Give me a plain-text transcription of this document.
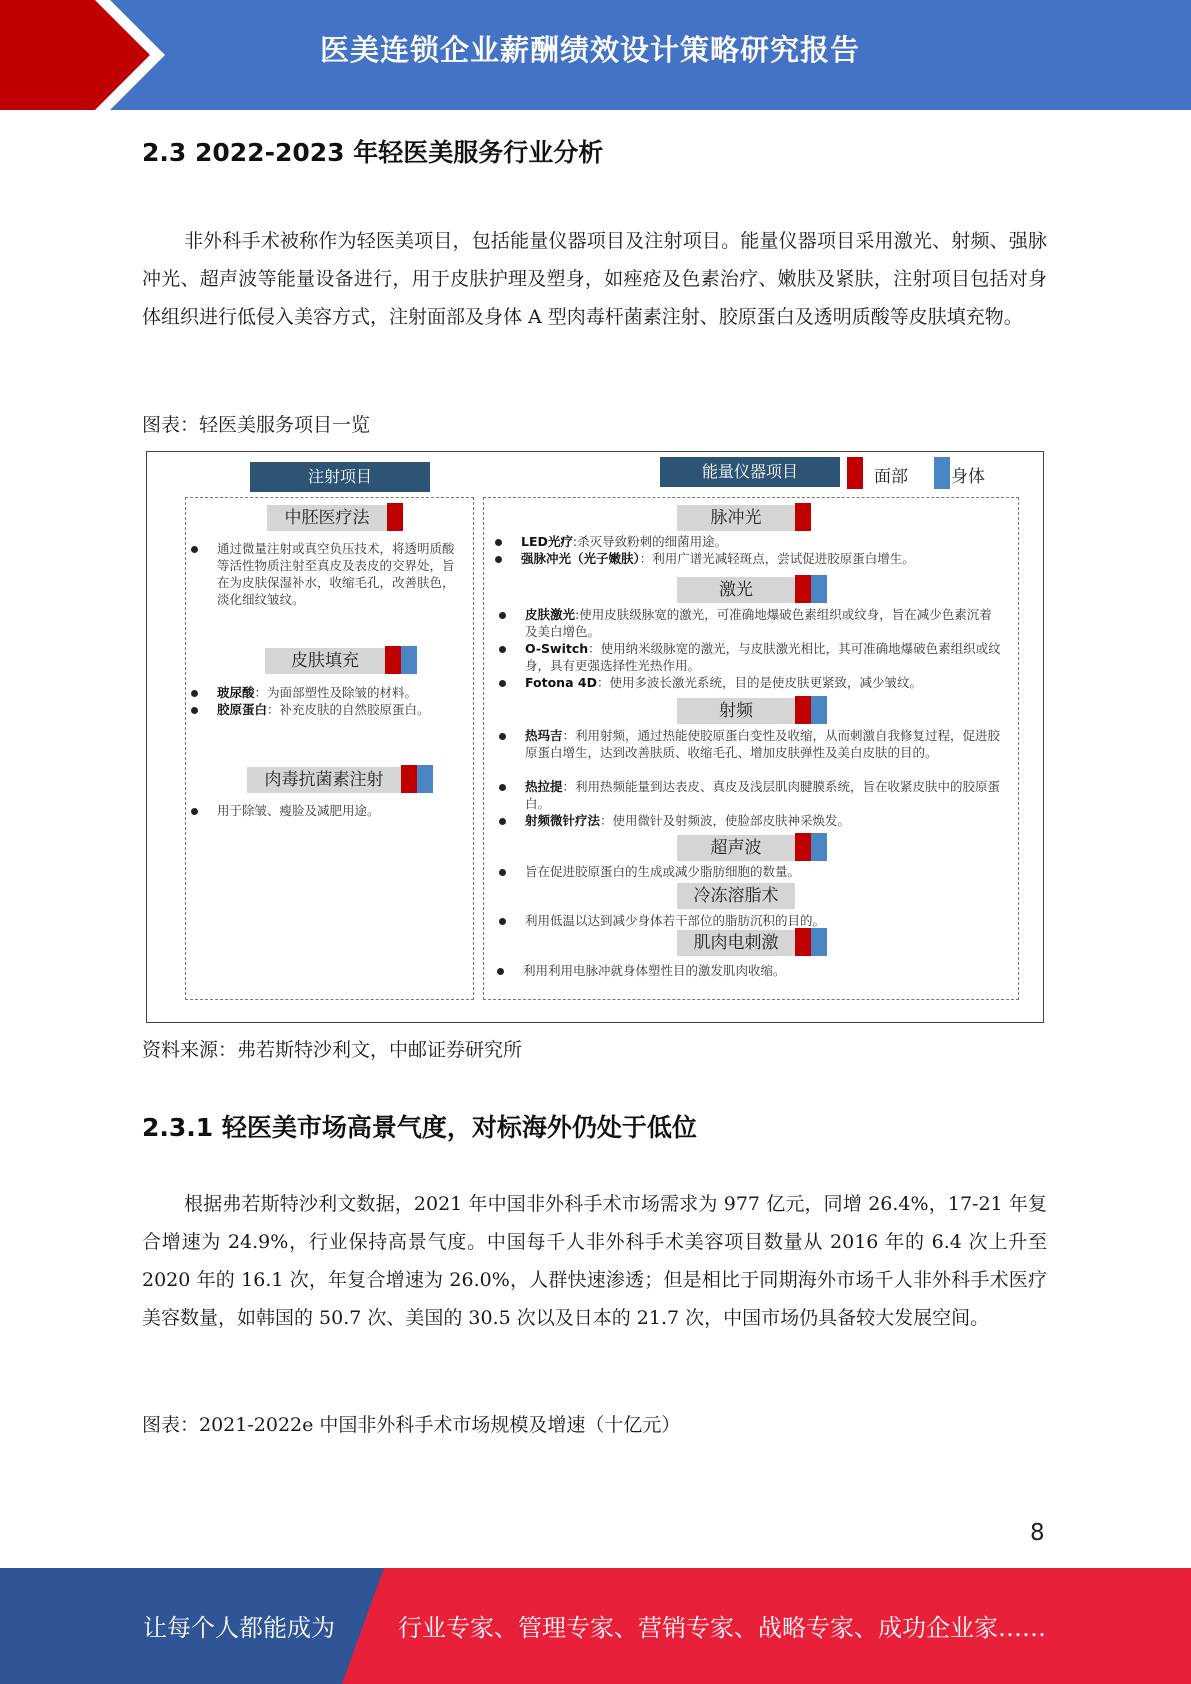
医美连锁企业薪酬绩效设计策略研究报告
2.3 2022-2023 年轻医美服务行业分析
非外科手术被称作为轻医美项目，包括能量仪器项目及注射项目。能量仪器项目采用激光、射频、强脉冲光、超声波等能量设备进行，用于皮肤护理及塑身，如痤疮及色素治疗、嫩肤及紧肤，注射项目包括对身体组织进行低侵入美容方式，注射面部及身体 A 型肉毒杆菌素注射、胶原蛋白及透明质酸等皮肤填充物。
图表：轻医美服务项目一览
注射项目	能量仪器项目	面部	身体
中胚医疗法
通过微量注射或真空负压技术，将透明质酸等活性物质注射至真皮及表皮的交界处，旨在为皮肤保湿补水，收缩毛孔，改善肤色，淡化细纹皱纹。
皮肤填充
玻尿酸：为面部塑性及除皱的材料。
胶原蛋白：补充皮肤的自然胶原蛋白。
肉毒抗菌素注射
用于除皱、瘦脸及减肥用途。
脉冲光
LED光疗:杀灭导致粉刺的细菌用途。
强脉冲光（光子嫩肤）：利用广谱光减轻斑点，尝试促进胶原蛋白增生。
激光
皮肤激光:使用皮肤级脉宽的激光，可准确地爆破色素组织或纹身，旨在减少色素沉着及美白增色。
O-Switch：使用纳米级脉宽的激光，与皮肤激光相比，其可准确地爆破色素组织或纹身，具有更强选择性光热作用。
Fotona 4D：使用多波长激光系统，目的是使皮肤更紧致，减少皱纹。
射频
热玛吉：利用射频，通过热能使胶原蛋白变性及收缩，从而刺激自我修复过程，促进胶原蛋白增生，达到改善肤质、收缩毛孔、增加皮肤弹性及美白皮肤的目的。
热拉提：利用热频能量到达表皮、真皮及浅层肌肉腱膜系统，旨在收紧皮肤中的胶原蛋白。
射频微针疗法：使用微针及射频波，使脸部皮肤神采焕发。
超声波
旨在促进胶原蛋白的生成或减少脂肪细胞的数量。
冷冻溶脂术
利用低温以达到减少身体若干部位的脂肪沉积的目的。
肌肉电刺激
利用利用电脉冲就身体塑性目的激发肌肉收缩。
资料来源：弗若斯特沙利文，中邮证券研究所
2.3.1 轻医美市场高景气度，对标海外仍处于低位
根据弗若斯特沙利文数据，2021 年中国非外科手术市场需求为 977 亿元，同增 26.4%，17-21 年复合增速为 24.9%，行业保持高景气度。中国每千人非外科手术美容项目数量从 2016 年的 6.4 次上升至 2020 年的 16.1 次，年复合增速为 26.0%，人群快速渗透；但是相比于同期海外市场千人非外科手术医疗美容数量，如韩国的 50.7 次、美国的 30.5 次以及日本的 21.7 次，中国市场仍具备较大发展空间。
图表：2021-2022e 中国非外科手术市场规模及增速（十亿元）
8
让每个人都能成为	行业专家、管理专家、营销专家、战略专家、成功企业家……
